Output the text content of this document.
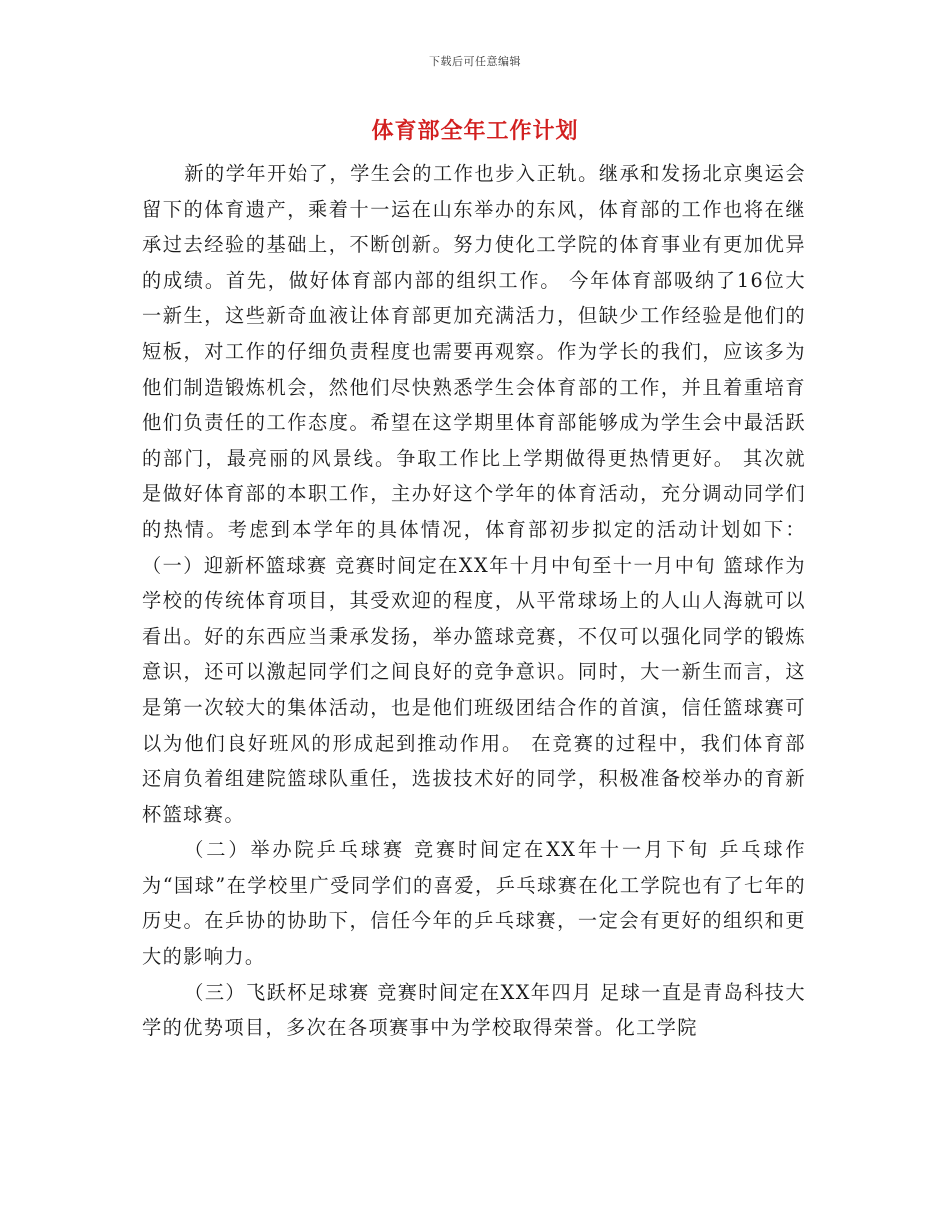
下载后可任意编辑
体育部全年工作计划

新的学年开始了，学生会的工作也步入正轨。继承和发扬北京奥运会留下的体育遗产，乘着十一运在山东举办的东风，体育部的工作也将在继承过去经验的基础上，不断创新。努力使化工学院的体育事业有更加优异的成绩。首先，做好体育部内部的组织工作。 今年体育部吸纳了16位大一新生，这些新奇血液让体育部更加充满活力，但缺少工作经验是他们的短板，对工作的仔细负责程度也需要再观察。作为学长的我们，应该多为他们制造锻炼机会，然他们尽快熟悉学生会体育部的工作，并且着重培育他们负责任的工作态度。希望在这学期里体育部能够成为学生会中最活跃的部门，最亮丽的风景线。争取工作比上学期做得更热情更好。 其次就是做好体育部的本职工作，主办好这个学年的体育活动，充分调动同学们的热情。考虑到本学年的具体情况，体育部初步拟定的活动计划如下： （一）迎新杯篮球赛 竞赛时间定在XX年十月中旬至十一月中旬 篮球作为学校的传统体育项目，其受欢迎的程度，从平常球场上的人山人海就可以看出。好的东西应当秉承发扬，举办篮球竞赛，不仅可以强化同学的锻炼意识，还可以激起同学们之间良好的竞争意识。同时，大一新生而言，这是第一次较大的集体活动，也是他们班级团结合作的首演，信任篮球赛可以为他们良好班风的形成起到推动作用。 在竞赛的过程中，我们体育部还肩负着组建院篮球队重任，选拔技术好的同学，积极准备校举办的育新杯篮球赛。

（二）举办院乒乓球赛 竞赛时间定在XX年十一月下旬 乒乓球作为“国球”在学校里广受同学们的喜爱，乒乓球赛在化工学院也有了七年的历史。在乒协的协助下，信任今年的乒乓球赛，一定会有更好的组织和更大的影响力。

（三）飞跃杯足球赛 竞赛时间定在XX年四月 足球一直是青岛科技大学的优势项目，多次在各项赛事中为学校取得荣誉。化工学院
